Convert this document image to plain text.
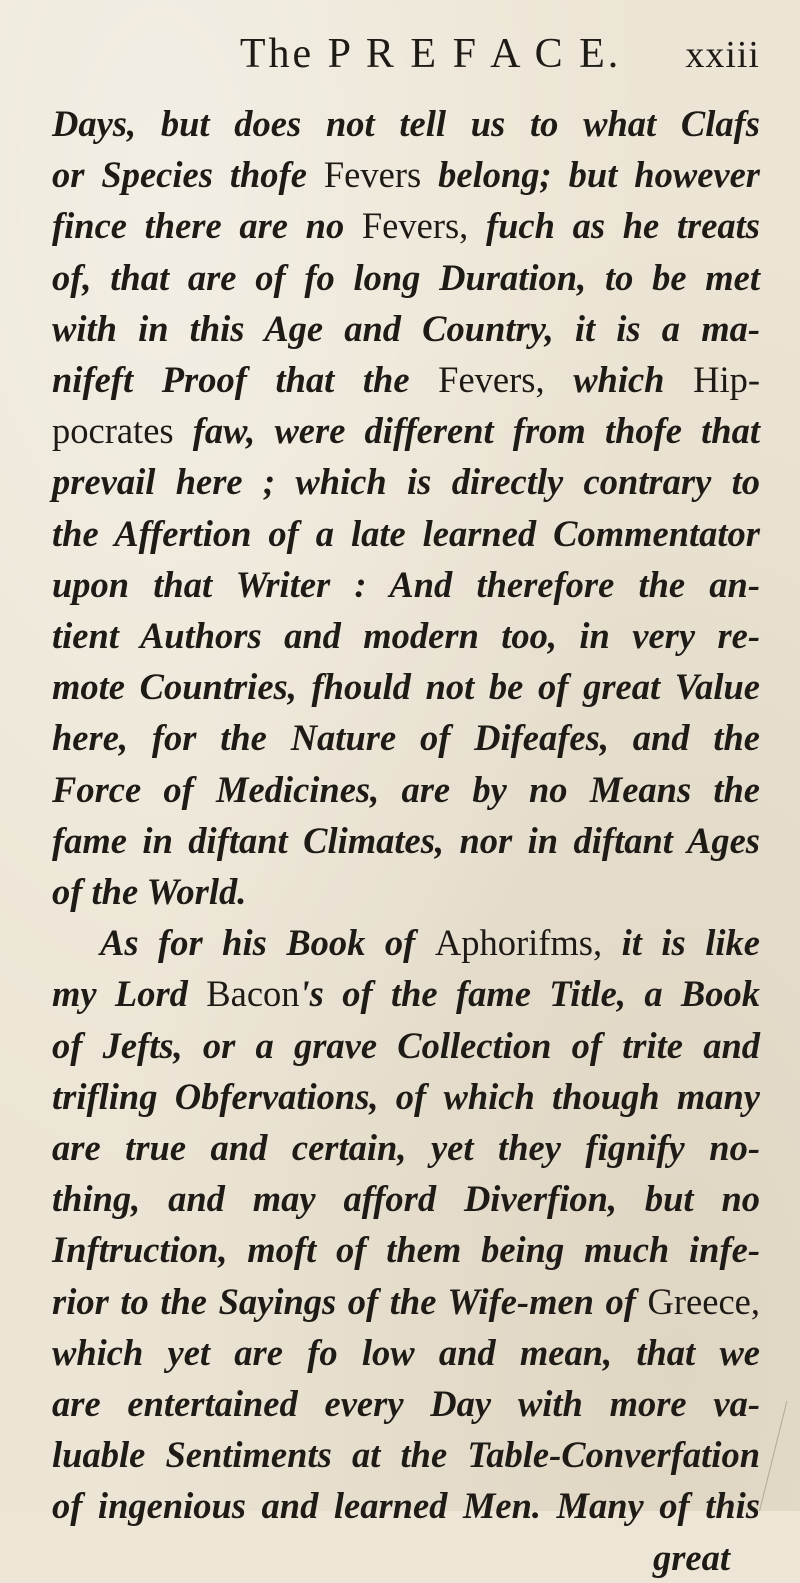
The P R E F A C E. xxiii
Days, but does not tell us to what Clafs
or Species thofe Fevers belong; but however
fince there are no Fevers, fuch as he treats
of, that are of fo long Duration, to be met
with in this Age and Country, it is a ma-
nifeft Proof that the Fevers, which Hip-
pocrates faw, were different from thofe that
prevail here ; which is directly contrary to
the Affertion of a late learned Commentator
upon that Writer : And therefore the an-
tient Authors and modern too, in very re-
mote Countries, fhould not be of great Value
here, for the Nature of Difeafes, and the
Force of Medicines, are by no Means the
fame in diftant Climates, nor in diftant Ages
of the World.
As for his Book of Aphorifms, it is like
my Lord Bacon's of the fame Title, a Book
of Jefts, or a grave Collection of trite and
trifling Obfervations, of which though many
are true and certain, yet they fignify no-
thing, and may afford Diverfion, but no
Inftruction, moft of them being much infe-
rior to the Sayings of the Wife-men of Greece,
which yet are fo low and mean, that we
are entertained every Day with more va-
luable Sentiments at the Table-Converfation
of ingenious and learned Men. Many of this
great
